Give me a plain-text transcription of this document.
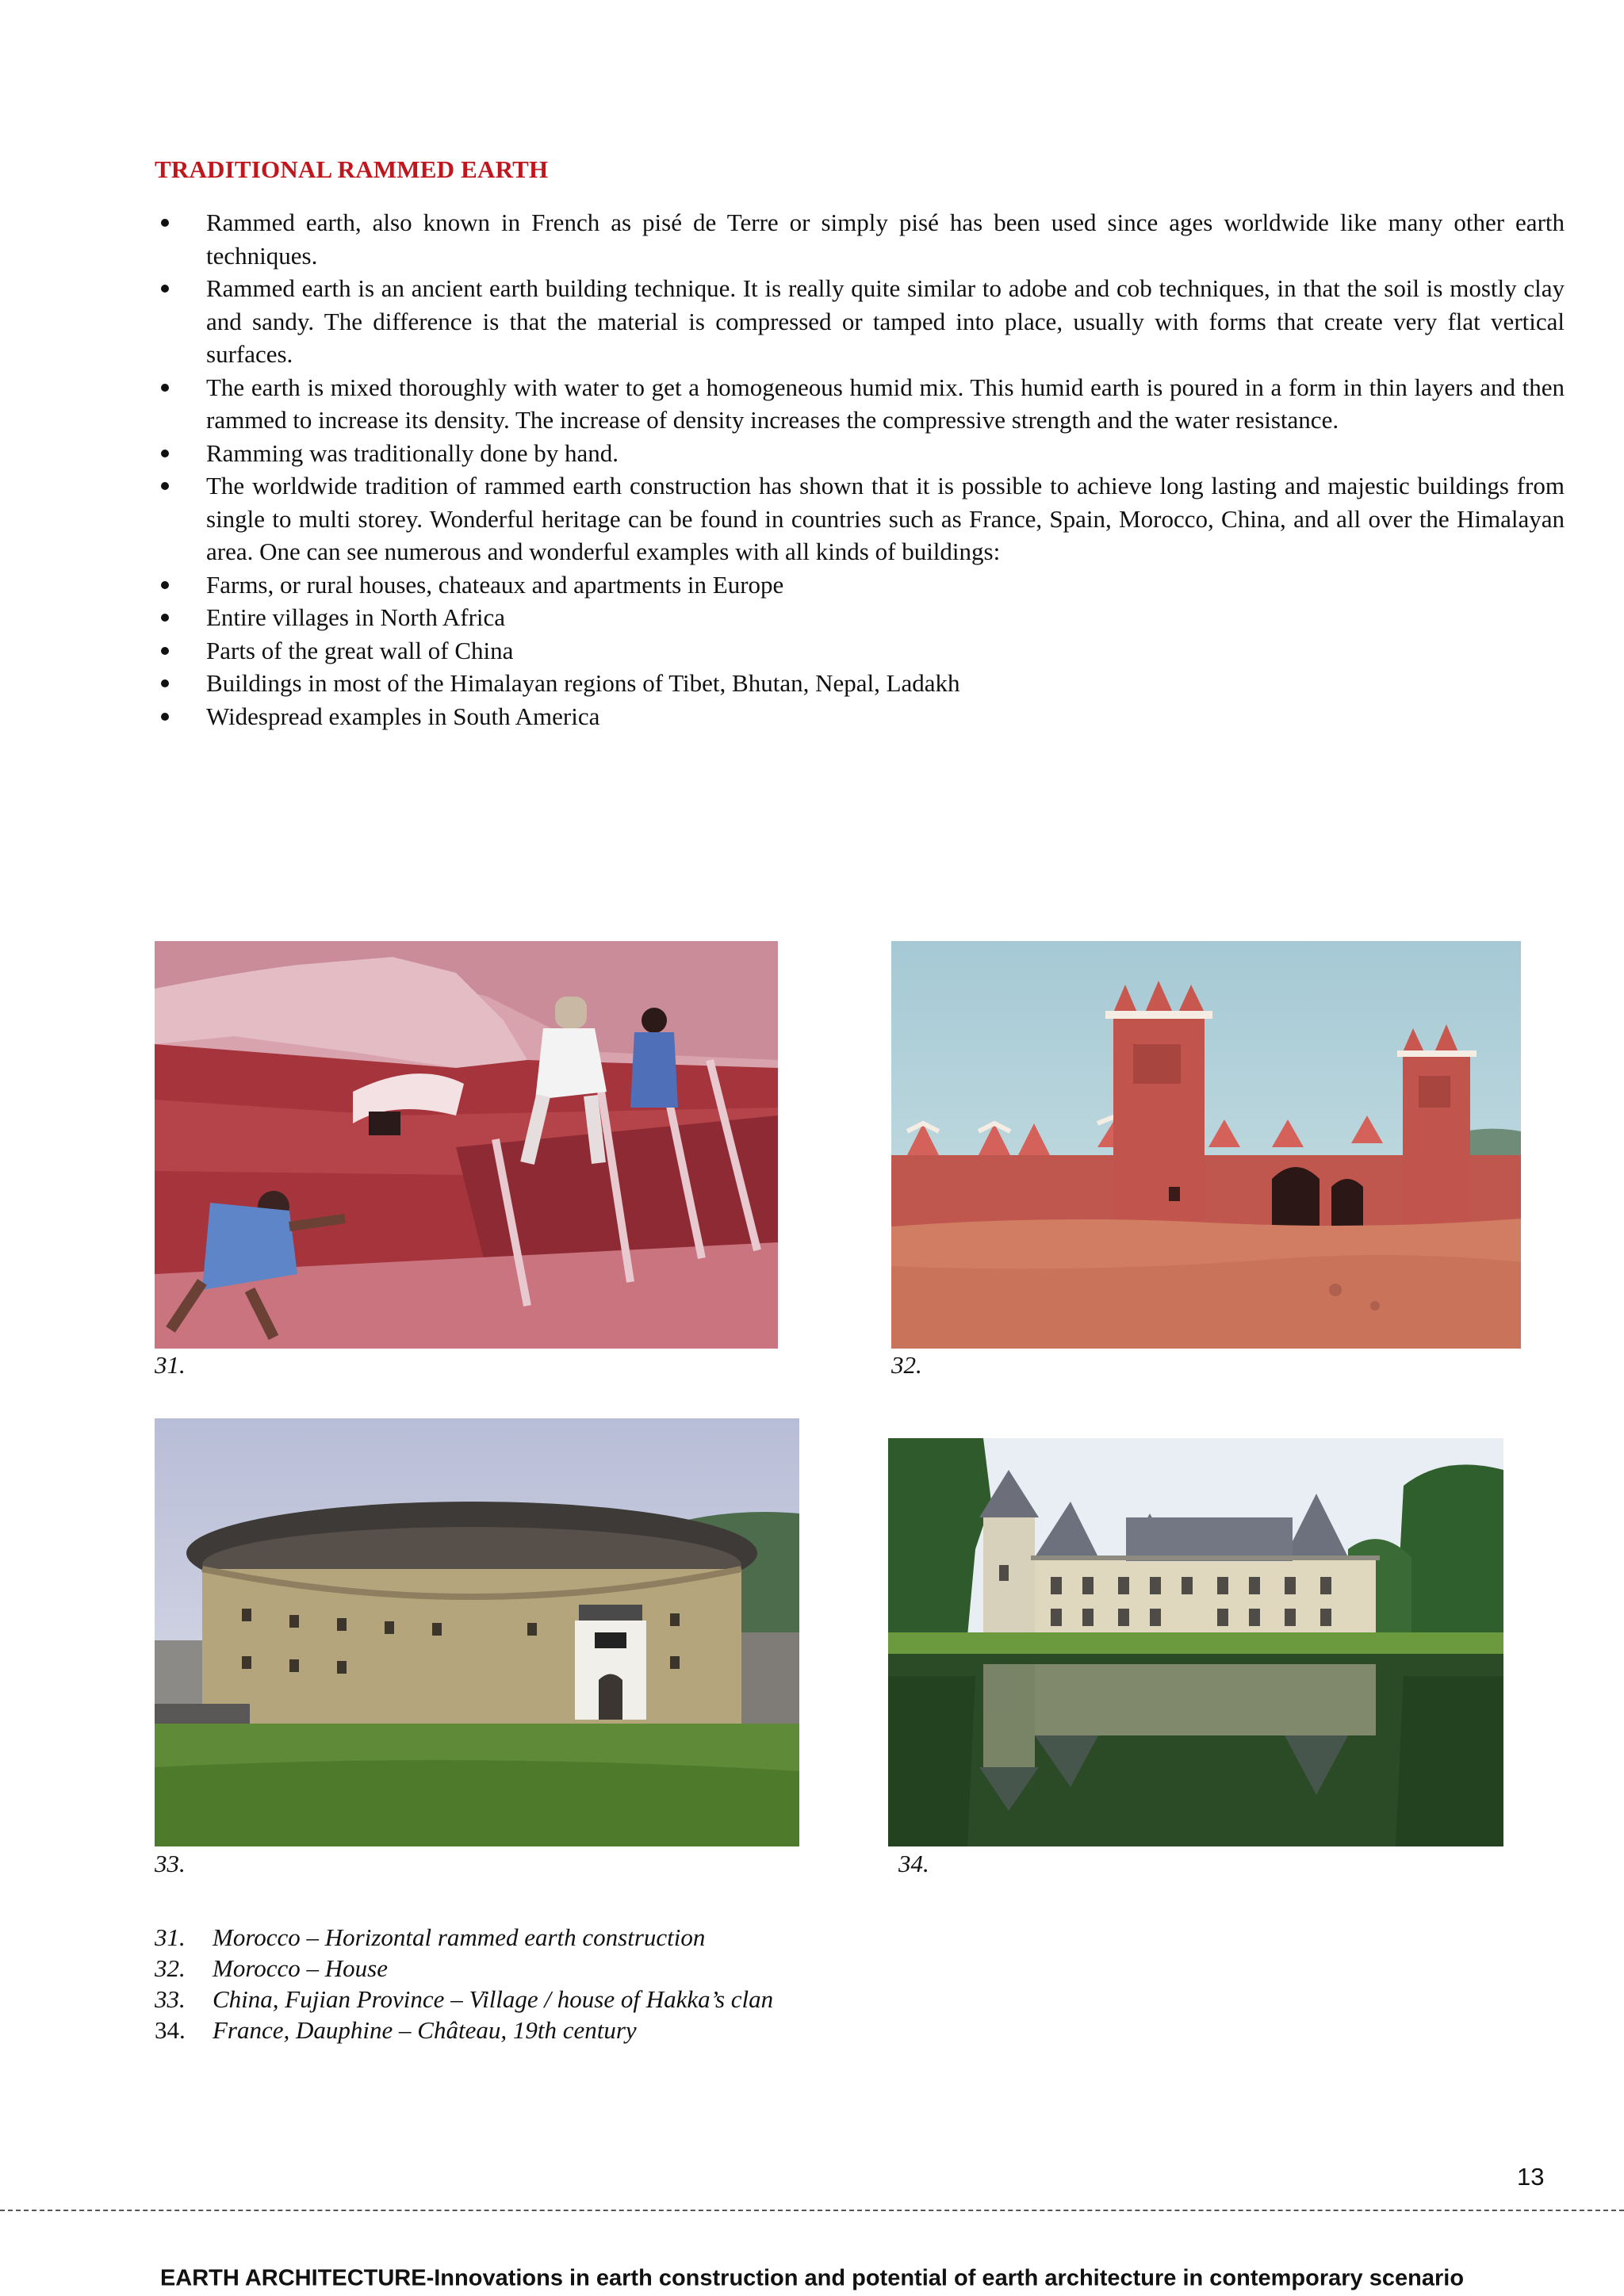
TRADITIONAL RAMMED EARTH
Rammed earth, also known in French as pisé de Terre or simply pisé has been used since ages worldwide like many other earth techniques.
Rammed earth is an ancient earth building technique. It is really quite similar to adobe and cob techniques, in that the soil is mostly clay and sandy. The difference is that the material is compressed or tamped into place, usually with forms that create very flat vertical surfaces.
The earth is mixed thoroughly with water to get a homogeneous humid mix. This humid earth is poured in a form in thin layers and then rammed to increase its density. The increase of density increases the compressive strength and the water resistance.
Ramming was traditionally done by hand.
The worldwide tradition of rammed earth construction has shown that it is possible to achieve long lasting and majestic buildings from single to multi storey. Wonderful heritage can be found in countries such as France, Spain, Morocco, China, and all over the Himalayan area. One can see numerous and wonderful examples with all kinds of buildings:
Farms, or rural houses, chateaux and apartments in Europe
Entire villages in North Africa
Parts of the great wall of China
Buildings in most of the Himalayan regions of Tibet, Bhutan, Nepal, Ladakh
Widespread examples in South America
31.	32.
33.	34.
31.	Morocco – Horizontal rammed earth construction
32.	Morocco – House
33.	China, Fujian Province – Village / house of Hakka’s clan
34.	France, Dauphine – Château, 19th century
13
EARTH ARCHITECTURE-Innovations in earth construction and potential of earth architecture in contemporary scenario
